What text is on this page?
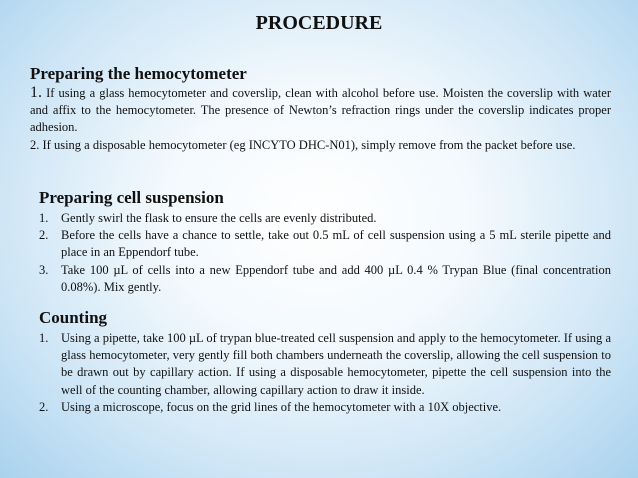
PROCEDURE
Preparing the hemocytometer
1. If using a glass hemocytometer and coverslip, clean with alcohol before use. Moisten the coverslip with water and affix to the hemocytometer. The presence of Newton’s refraction rings under the coverslip indicates proper adhesion.
2. If using a disposable hemocytometer (eg INCYTO DHC-N01), simply remove from the packet before use.
Preparing cell suspension
1.	Gently swirl the flask to ensure the cells are evenly distributed.
2.	Before the cells have a chance to settle, take out 0.5 mL of cell suspension using a 5 mL sterile pipette and place in an Eppendorf tube.
3.	Take 100 µL of cells into a new Eppendorf tube and add 400 µL 0.4 % Trypan Blue (final concentration 0.08%). Mix gently.
Counting
1.	Using a pipette, take 100 µL of trypan blue-treated cell suspension and apply to the hemocytometer. If using a glass hemocytometer, very gently fill both chambers underneath the coverslip, allowing the cell suspension to be drawn out by capillary action. If using a disposable hemocytometer, pipette the cell suspension into the well of the counting chamber, allowing capillary action to draw it inside.
2.	Using a microscope, focus on the grid lines of the hemocytometer with a 10X objective.
